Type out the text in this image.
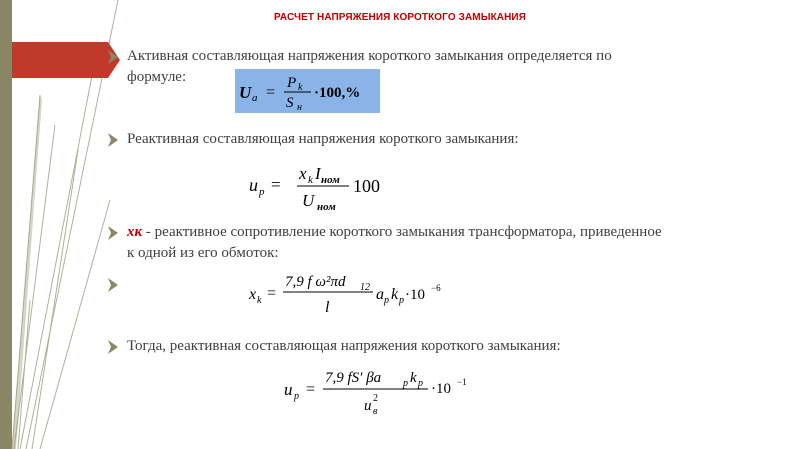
РАСЧЕТ НАПРЯЖЕНИЯ КОРОТКОГО ЗАМЫКАНИЯ
Активная составляющая напряжения короткого замыкания определяется по
формуле:
U a =
P k
S н
·100,%
Реактивная составляющая напряжения короткого замыкания:
u p =
x k I ном
U ном
100
xк - реактивное сопротивление короткого замыкания трансформатора, приведенное
к одной из его обмоток:
x k =
7,9 f ω²πd 12
l
a p k p ·10 −6
Тогда, реактивная составляющая напряжения короткого замыкания:
u p =
7,9 fS′ βa p k p
u в
2
·10 −1
